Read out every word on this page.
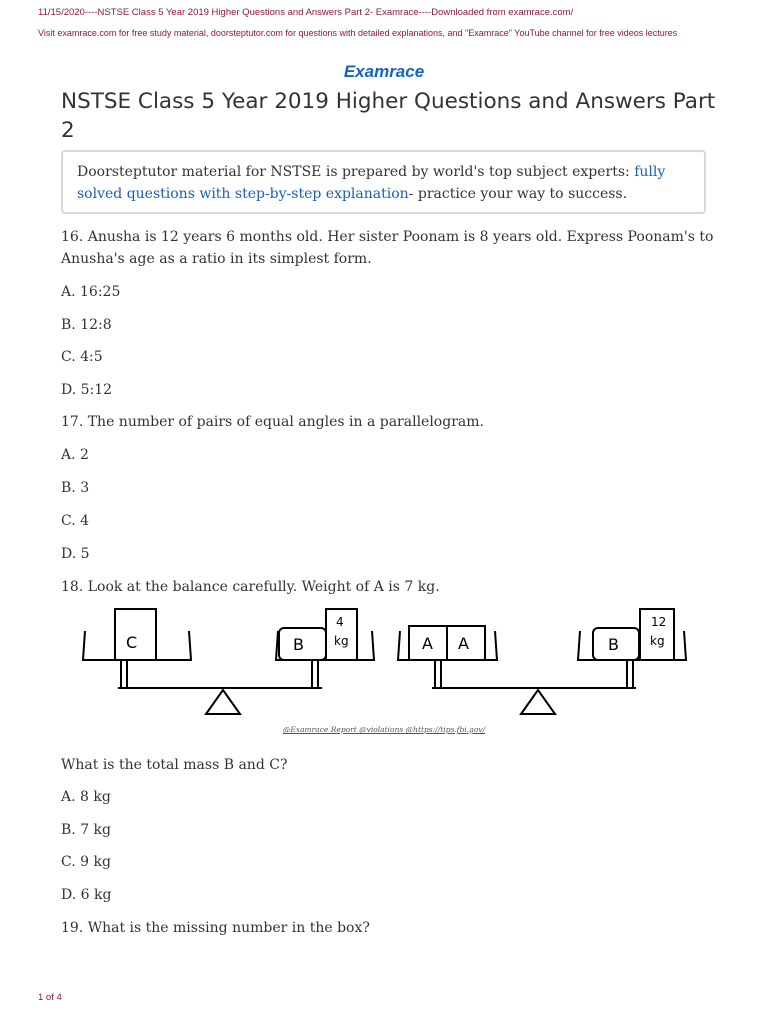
11/15/2020----NSTSE Class 5 Year 2019 Higher Questions and Answers Part 2- Examrace----Downloaded from examrace.com/
Visit examrace.com for free study material, doorsteptutor.com for questions with detailed explanations, and "Examrace" YouTube channel for free videos lectures
Examrace
NSTSE Class 5 Year 2019 Higher Questions and Answers Part 2
Doorsteptutor material for NSTSE is prepared by world's top subject experts: fully solved questions with step-by-step explanation- practice your way to success.
16. Anusha is 12 years 6 months old. Her sister Poonam is 8 years old. Express Poonam's to Anusha's age as a ratio in its simplest form.
A. 16:25
B. 12:8
C. 4:5
D. 5:12
17. The number of pairs of equal angles in a parallelogram.
A. 2
B. 3
C. 4
D. 5
18. Look at the balance carefully. Weight of A is 7 kg.
C	B
4
kg	A A	B
12
kg
@Examrace Report @violations @https://tips.fbi.gov/
What is the total mass B and C?
A. 8 kg
B. 7 kg
C. 9 kg
D. 6 kg
19. What is the missing number in the box?
1 of 4
